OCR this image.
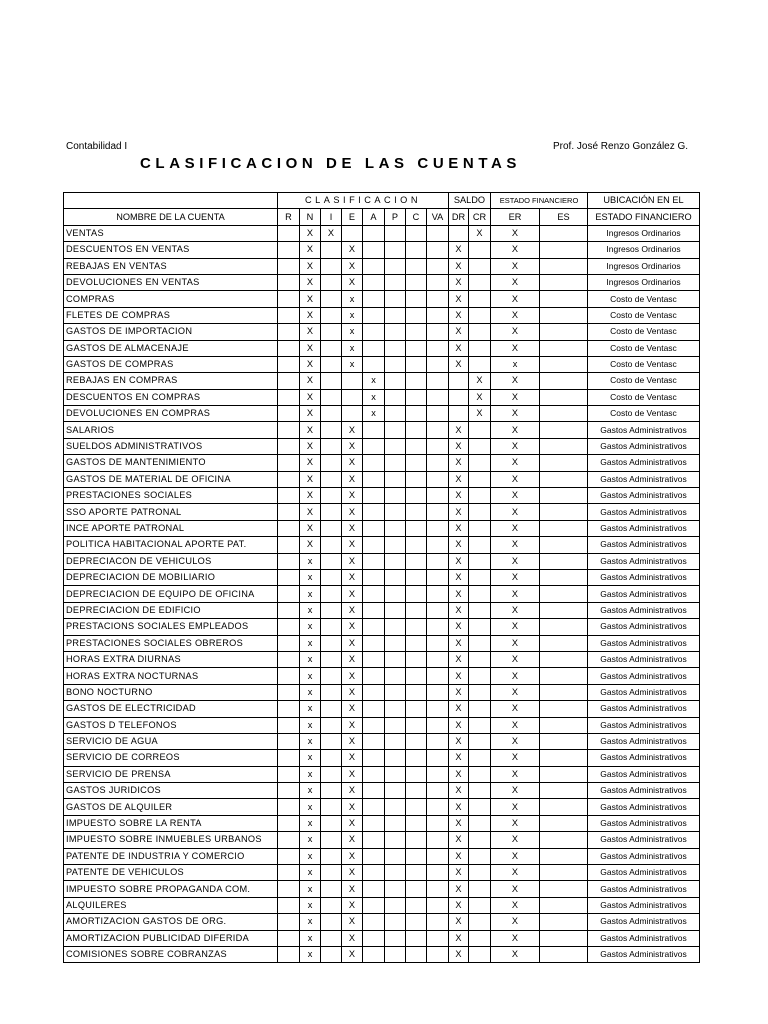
Contabilidad I	Prof. José Renzo González G.
CLASIFICACION DE LAS CUENTAS
	CLASIFICACION								SALDO		ESTADO FINANCIERO		UBICACIÓN EN EL
NOMBRE DE LA CUENTA	R	N	I	E	A	P	C	VA	DR	CR	ER	ES	ESTADO FINANCIERO
VENTAS		X	X							X	X		Ingresos Ordinarios
DESCUENTOS EN VENTAS		X		X					X		X		Ingresos Ordinarios
REBAJAS EN VENTAS		X		X					X		X		Ingresos Ordinarios
DEVOLUCIONES EN VENTAS		X		X					X		X		Ingresos Ordinarios
COMPRAS		X		x					X		X		Costo de Ventasc
FLETES DE COMPRAS		X		x					X		X		Costo de Ventasc
GASTOS DE IMPORTACION		X		x					X		X		Costo de Ventasc
GASTOS DE ALMACENAJE		X		x					X		X		Costo de Ventasc
GASTOS DE COMPRAS		X		x					X		x		Costo de Ventasc
REBAJAS EN COMPRAS		X			x					X	X		Costo de Ventasc
DESCUENTOS EN COMPRAS		X			x					X	X		Costo de Ventasc
DEVOLUCIONES EN COMPRAS		X			x					X	X		Costo de Ventasc
SALARIOS		X		X					X		X		Gastos Administrativos
SUELDOS ADMINISTRATIVOS		X		X					X		X		Gastos Administrativos
GASTOS DE MANTENIMIENTO		X		X					X		X		Gastos Administrativos
GASTOS DE MATERIAL DE OFICINA		X		X					X		X		Gastos Administrativos
PRESTACIONES SOCIALES		X		X					X		X		Gastos Administrativos
SSO APORTE PATRONAL		X		X					X		X		Gastos Administrativos
INCE APORTE PATRONAL		X		X					X		X		Gastos Administrativos
POLITICA HABITACIONAL APORTE PAT.		X		X					X		X		Gastos Administrativos
DEPRECIACON DE VEHICULOS		x		X					X		X		Gastos Administrativos
DEPRECIACION DE MOBILIARIO		x		X					X		X		Gastos Administrativos
DEPRECIACION DE EQUIPO DE OFICINA		x		X					X		X		Gastos Administrativos
DEPRECIACION DE EDIFICIO		x		X					X		X		Gastos Administrativos
PRESTACIONS SOCIALES EMPLEADOS		x		X					X		X		Gastos Administrativos
PRESTACIONES SOCIALES OBREROS		x		X					X		X		Gastos Administrativos
HORAS EXTRA DIURNAS		x		X					X		X		Gastos Administrativos
HORAS EXTRA NOCTURNAS		x		X					X		X		Gastos Administrativos
BONO NOCTURNO		x		X					X		X		Gastos Administrativos
GASTOS DE ELECTRICIDAD		x		X					X		X		Gastos Administrativos
GASTOS D TELEFONOS		x		X					X		X		Gastos Administrativos
SERVICIO DE AGUA		x		X					X		X		Gastos Administrativos
SERVICIO DE CORREOS		x		X					X		X		Gastos Administrativos
SERVICIO DE PRENSA		x		X					X		X		Gastos Administrativos
GASTOS JURIDICOS		x		X					X		X		Gastos Administrativos
GASTOS DE ALQUILER		x		X					X		X		Gastos Administrativos
IMPUESTO SOBRE LA RENTA		x		X					X		X		Gastos Administrativos
IMPUESTO SOBRE INMUEBLES URBANOS		x		X					X		X		Gastos Administrativos
PATENTE DE INDUSTRIA Y COMERCIO		x		X					X		X		Gastos Administrativos
PATENTE DE VEHICULOS		x		X					X		X		Gastos Administrativos
IMPUESTO SOBRE PROPAGANDA COM.		x		X					X		X		Gastos Administrativos
ALQUILERES		x		X					X		X		Gastos Administrativos
AMORTIZACION GASTOS DE ORG.		x		X					X		X		Gastos Administrativos
AMORTIZACION PUBLICIDAD DIFERIDA		x		X					X		X		Gastos Administrativos
COMISIONES SOBRE COBRANZAS		x		X					X		X		Gastos Administrativos
